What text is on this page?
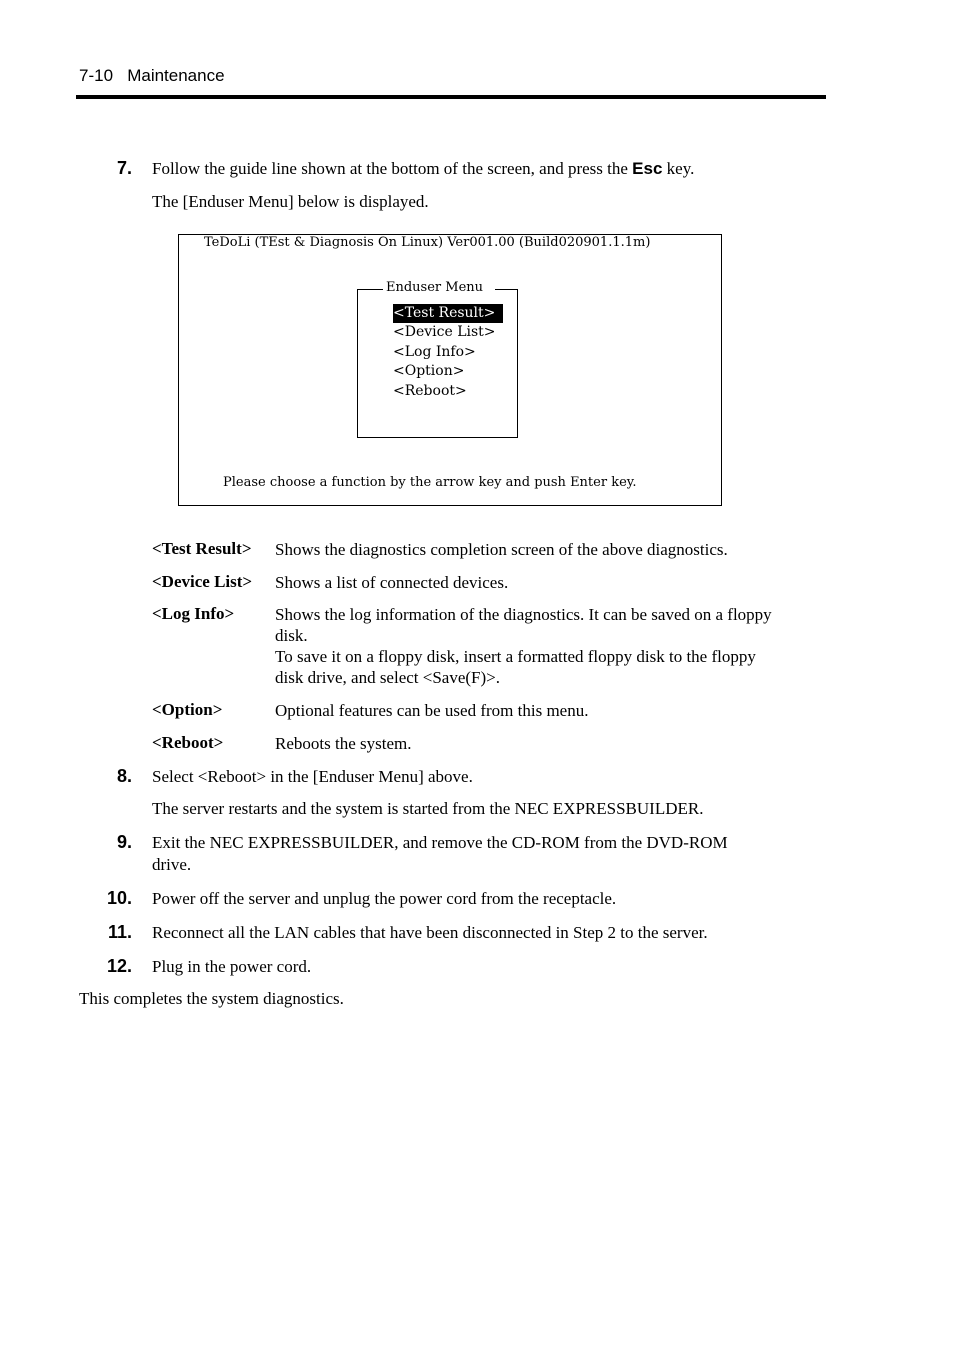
7-10 Maintenance
7. Follow the guide line shown at the bottom of the screen, and press the Esc key.
The [Enduser Menu] below is displayed.
TeDoLi (TEst & Diagnosis On Linux) Ver001.00 (Build020901.1.1m)
Enduser Menu
<Test Result>
<Device List>
<Log Info>
<Option>
<Reboot>
Please choose a function by the arrow key and push Enter key.
<Test Result> Shows the diagnostics completion screen of the above diagnostics.
<Device List> Shows a list of connected devices.
<Log Info> Shows the log information of the diagnostics. It can be saved on a floppy
disk.
To save it on a floppy disk, insert a formatted floppy disk to the floppy
disk drive, and select <Save(F)>.
<Option>	Optional features can be used from this menu.
<Reboot>	Reboots the system.
8. Select <Reboot> in the [Enduser Menu] above.
The server restarts and the system is started from the NEC EXPRESSBUILDER.
9. Exit the NEC EXPRESSBUILDER, and remove the CD-ROM from the DVD-ROM
drive.
10. Power off the server and unplug the power cord from the receptacle.
11. Reconnect all the LAN cables that have been disconnected in Step 2 to the server.
12. Plug in the power cord.
This completes the system diagnostics.
